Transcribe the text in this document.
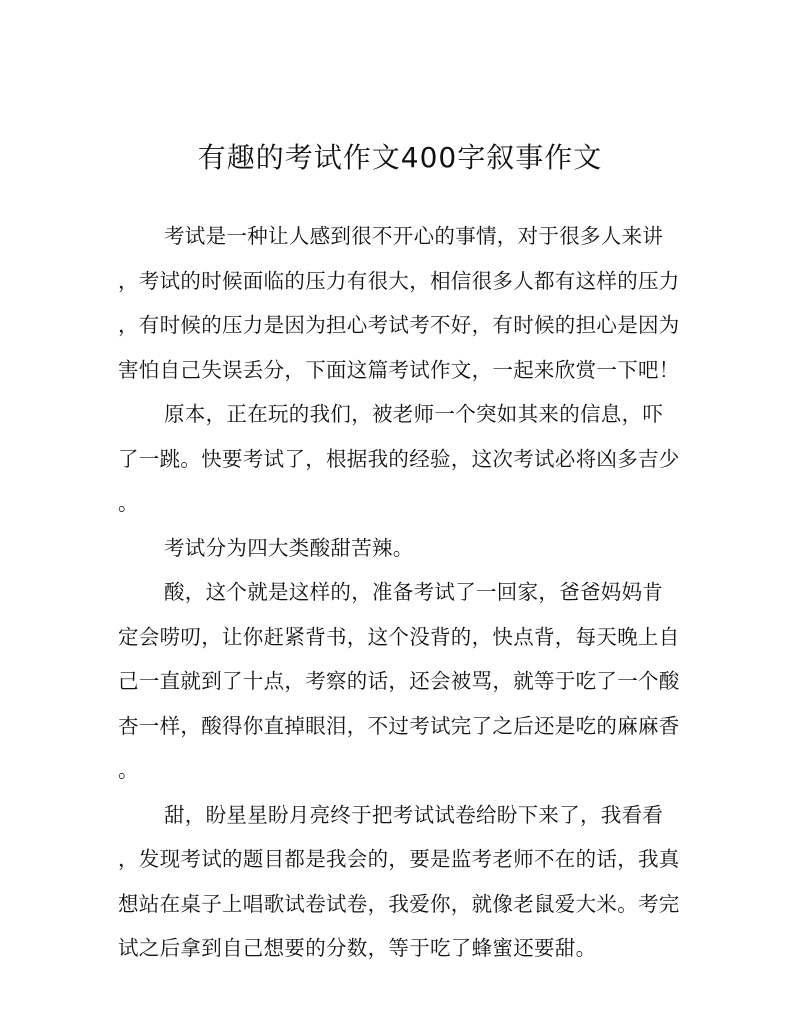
有趣的考试作文400字叙事作文
考试是一种让人感到很不开心的事情，对于很多人来讲
，考试的时候面临的压力有很大，相信很多人都有这样的压力
，有时候的压力是因为担心考试考不好，有时候的担心是因为
害怕自己失误丢分，下面这篇考试作文，一起来欣赏一下吧！
原本，正在玩的我们，被老师一个突如其来的信息，吓
了一跳。快要考试了，根据我的经验，这次考试必将凶多吉少
。
考试分为四大类酸甜苦辣。
酸，这个就是这样的，准备考试了一回家，爸爸妈妈肯
定会唠叨，让你赶紧背书，这个没背的，快点背，每天晚上自
己一直就到了十点，考察的话，还会被骂，就等于吃了一个酸
杏一样，酸得你直掉眼泪，不过考试完了之后还是吃的麻麻香
。
甜，盼星星盼月亮终于把考试试卷给盼下来了，我看看
，发现考试的题目都是我会的，要是监考老师不在的话，我真
想站在桌子上唱歌试卷试卷，我爱你，就像老鼠爱大米。考完
试之后拿到自己想要的分数，等于吃了蜂蜜还要甜。
